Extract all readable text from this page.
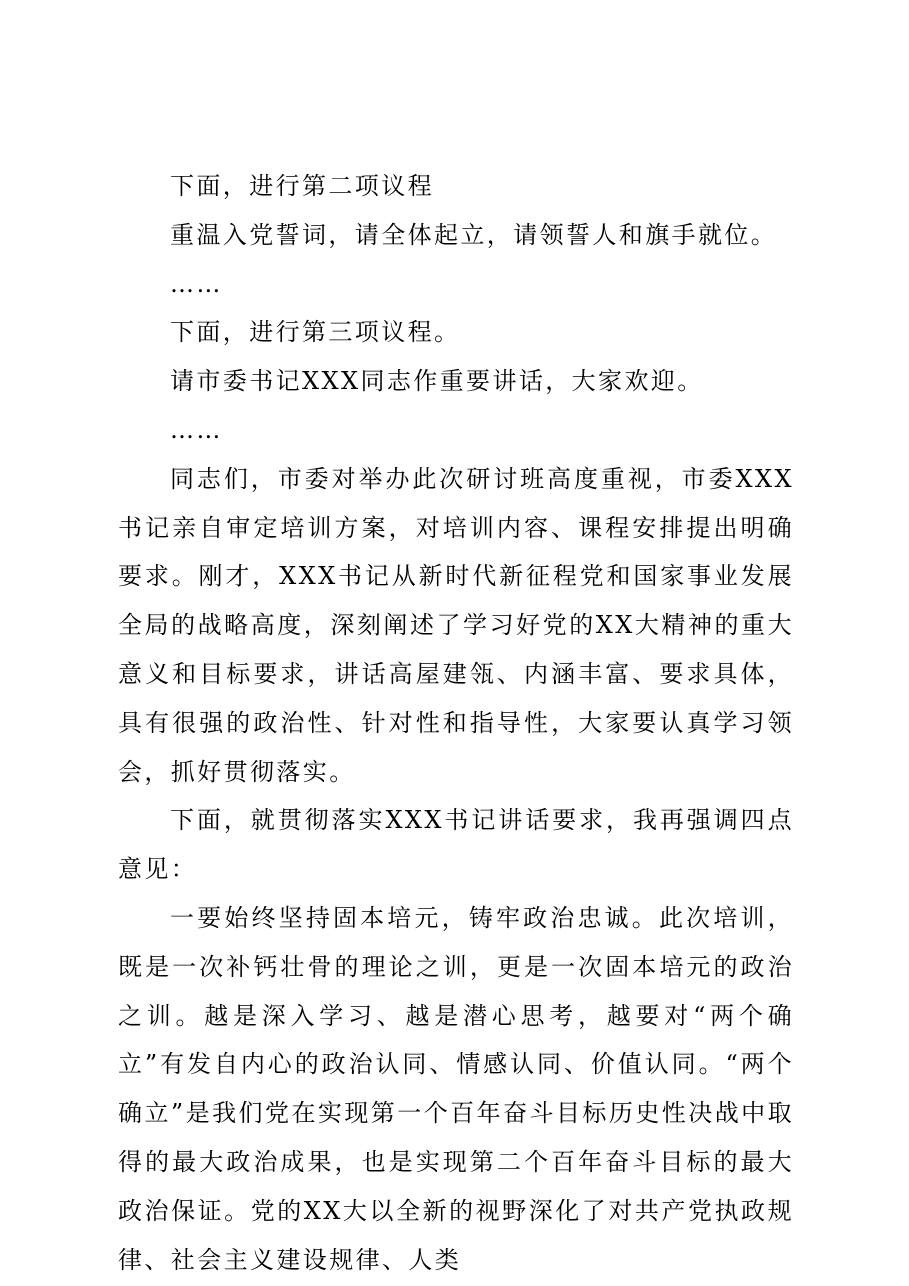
下面，进行第二项议程

重温入党誓词，请全体起立，请领誓人和旗手就位。

……

下面，进行第三项议程。

请市委书记XXX同志作重要讲话，大家欢迎。

……

同志们，市委对举办此次研讨班高度重视，市委XXX书记亲自审定培训方案，对培训内容、课程安排提出明确要求。刚才，XXX书记从新时代新征程党和国家事业发展全局的战略高度，深刻阐述了学习好党的XX大精神的重大意义和目标要求，讲话高屋建瓴、内涵丰富、要求具体，具有很强的政治性、针对性和指导性，大家要认真学习领会，抓好贯彻落实。

下面，就贯彻落实XXX书记讲话要求，我再强调四点意见：

一要始终坚持固本培元，铸牢政治忠诚。此次培训，既是一次补钙壮骨的理论之训，更是一次固本培元的政治之训。越是深入学习、越是潜心思考，越要对“两个确立”有发自内心的政治认同、情感认同、价值认同。“两个确立”是我们党在实现第一个百年奋斗目标历史性决战中取得的最大政治成果，也是实现第二个百年奋斗目标的最大政治保证。党的XX大以全新的视野深化了对共产党执政规律、社会主义建设规律、人类
